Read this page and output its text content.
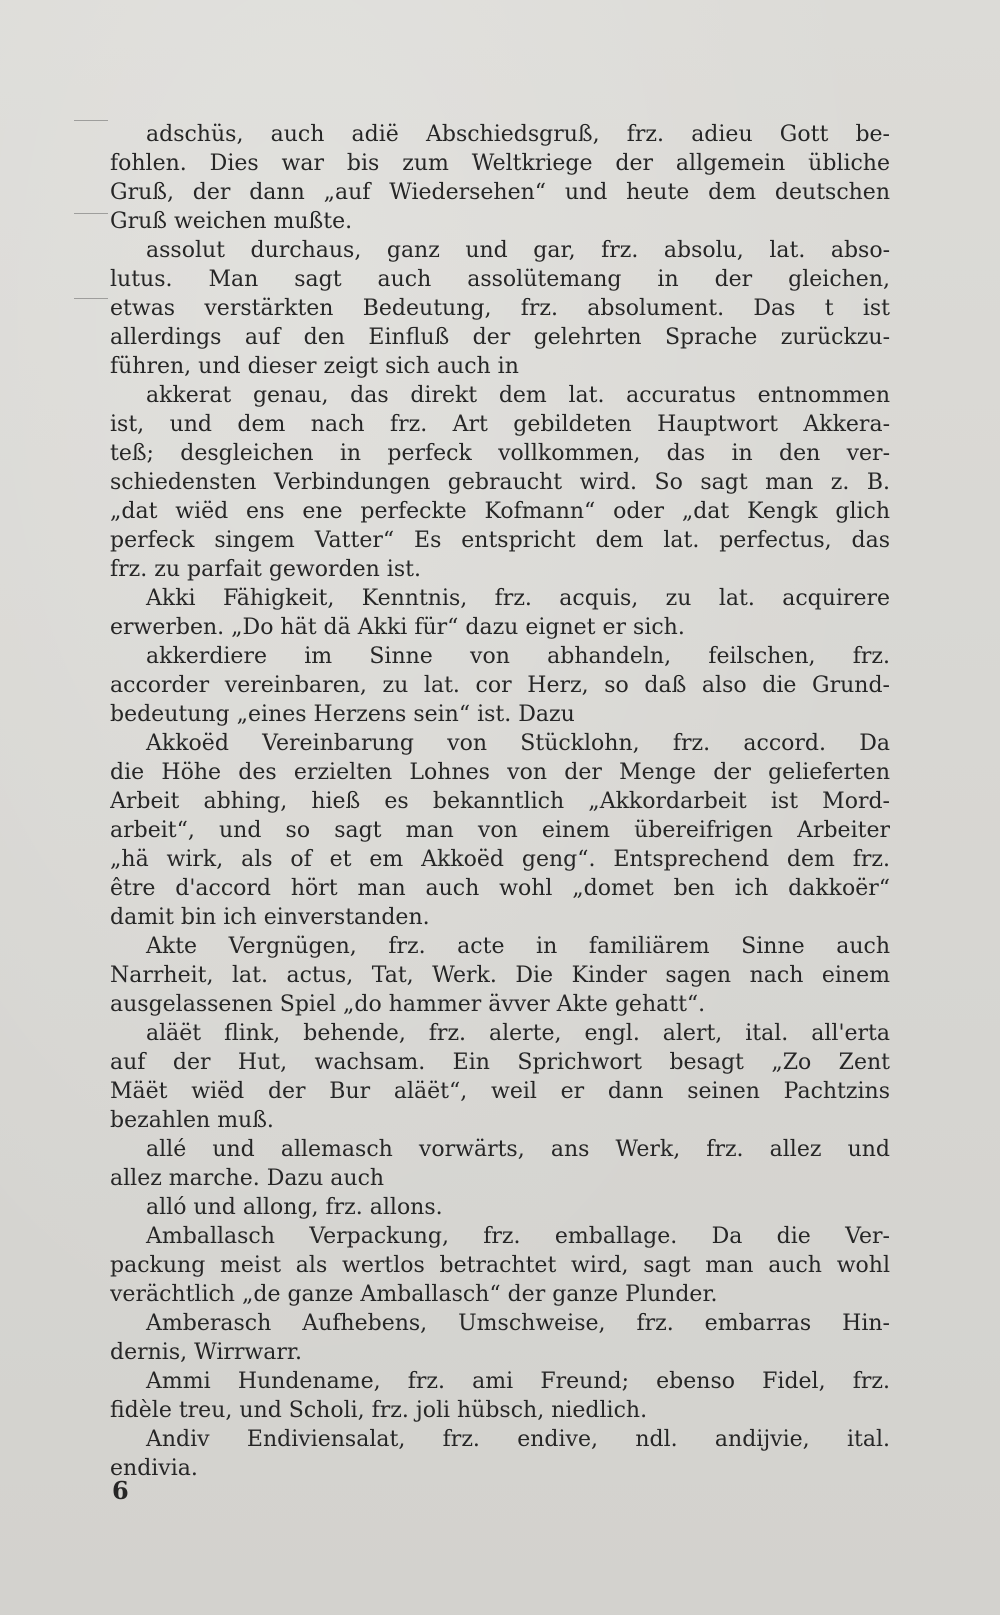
adschüs, auch adië Abschiedsgruß, frz. adieu Gott be-
fohlen. Dies war bis zum Weltkriege der allgemein übliche
Gruß, der dann „auf Wiedersehen“ und heute dem deutschen
Gruß weichen mußte.
assolut durchaus, ganz und gar, frz. absolu, lat. abso-
lutus. Man sagt auch assolütemang in der gleichen,
etwas verstärkten Bedeutung, frz. absolument. Das t ist
allerdings auf den Einfluß der gelehrten Sprache zurückzu-
führen, und dieser zeigt sich auch in
akkerat genau, das direkt dem lat. accuratus entnommen
ist, und dem nach frz. Art gebildeten Hauptwort Akkera-
teß; desgleichen in perfeck vollkommen, das in den ver-
schiedensten Verbindungen gebraucht wird. So sagt man z. B.
„dat wiëd ens ene perfeckte Kofmann“ oder „dat Kengk glich
perfeck singem Vatter“ Es entspricht dem lat. perfectus, das
frz. zu parfait geworden ist.
Akki Fähigkeit, Kenntnis, frz. acquis, zu lat. acquirere
erwerben. „Do hät dä Akki für“ dazu eignet er sich.
akkerdiere im Sinne von abhandeln, feilschen, frz.
accorder vereinbaren, zu lat. cor Herz, so daß also die Grund-
bedeutung „eines Herzens sein“ ist. Dazu
Akkoëd Vereinbarung von Stücklohn, frz. accord. Da
die Höhe des erzielten Lohnes von der Menge der gelieferten
Arbeit abhing, hieß es bekanntlich „Akkordarbeit ist Mord-
arbeit“, und so sagt man von einem übereifrigen Arbeiter
„hä wirk, als of et em Akkoëd geng“. Entsprechend dem frz.
être d'accord hört man auch wohl „domet ben ich dakkoër“
damit bin ich einverstanden.
Akte Vergnügen, frz. acte in familiärem Sinne auch
Narrheit, lat. actus, Tat, Werk. Die Kinder sagen nach einem
ausgelassenen Spiel „do hammer ävver Akte gehatt“.
aläët flink, behende, frz. alerte, engl. alert, ital. all'erta
auf der Hut, wachsam. Ein Sprichwort besagt „Zo Zent
Mäët wiëd der Bur aläët“, weil er dann seinen Pachtzins
bezahlen muß.
allé und allemasch vorwärts, ans Werk, frz. allez und
allez marche. Dazu auch
alló und allong, frz. allons.
Amballasch Verpackung, frz. emballage. Da die Ver-
packung meist als wertlos betrachtet wird, sagt man auch wohl
verächtlich „de ganze Amballasch“ der ganze Plunder.
Amberasch Aufhebens, Umschweise, frz. embarras Hin-
dernis, Wirrwarr.
Ammi Hundename, frz. ami Freund; ebenso Fidel, frz.
fidèle treu, und Scholi, frz. joli hübsch, niedlich.
Andiv Endiviensalat, frz. endive, ndl. andijvie, ital.
endivia.
6
